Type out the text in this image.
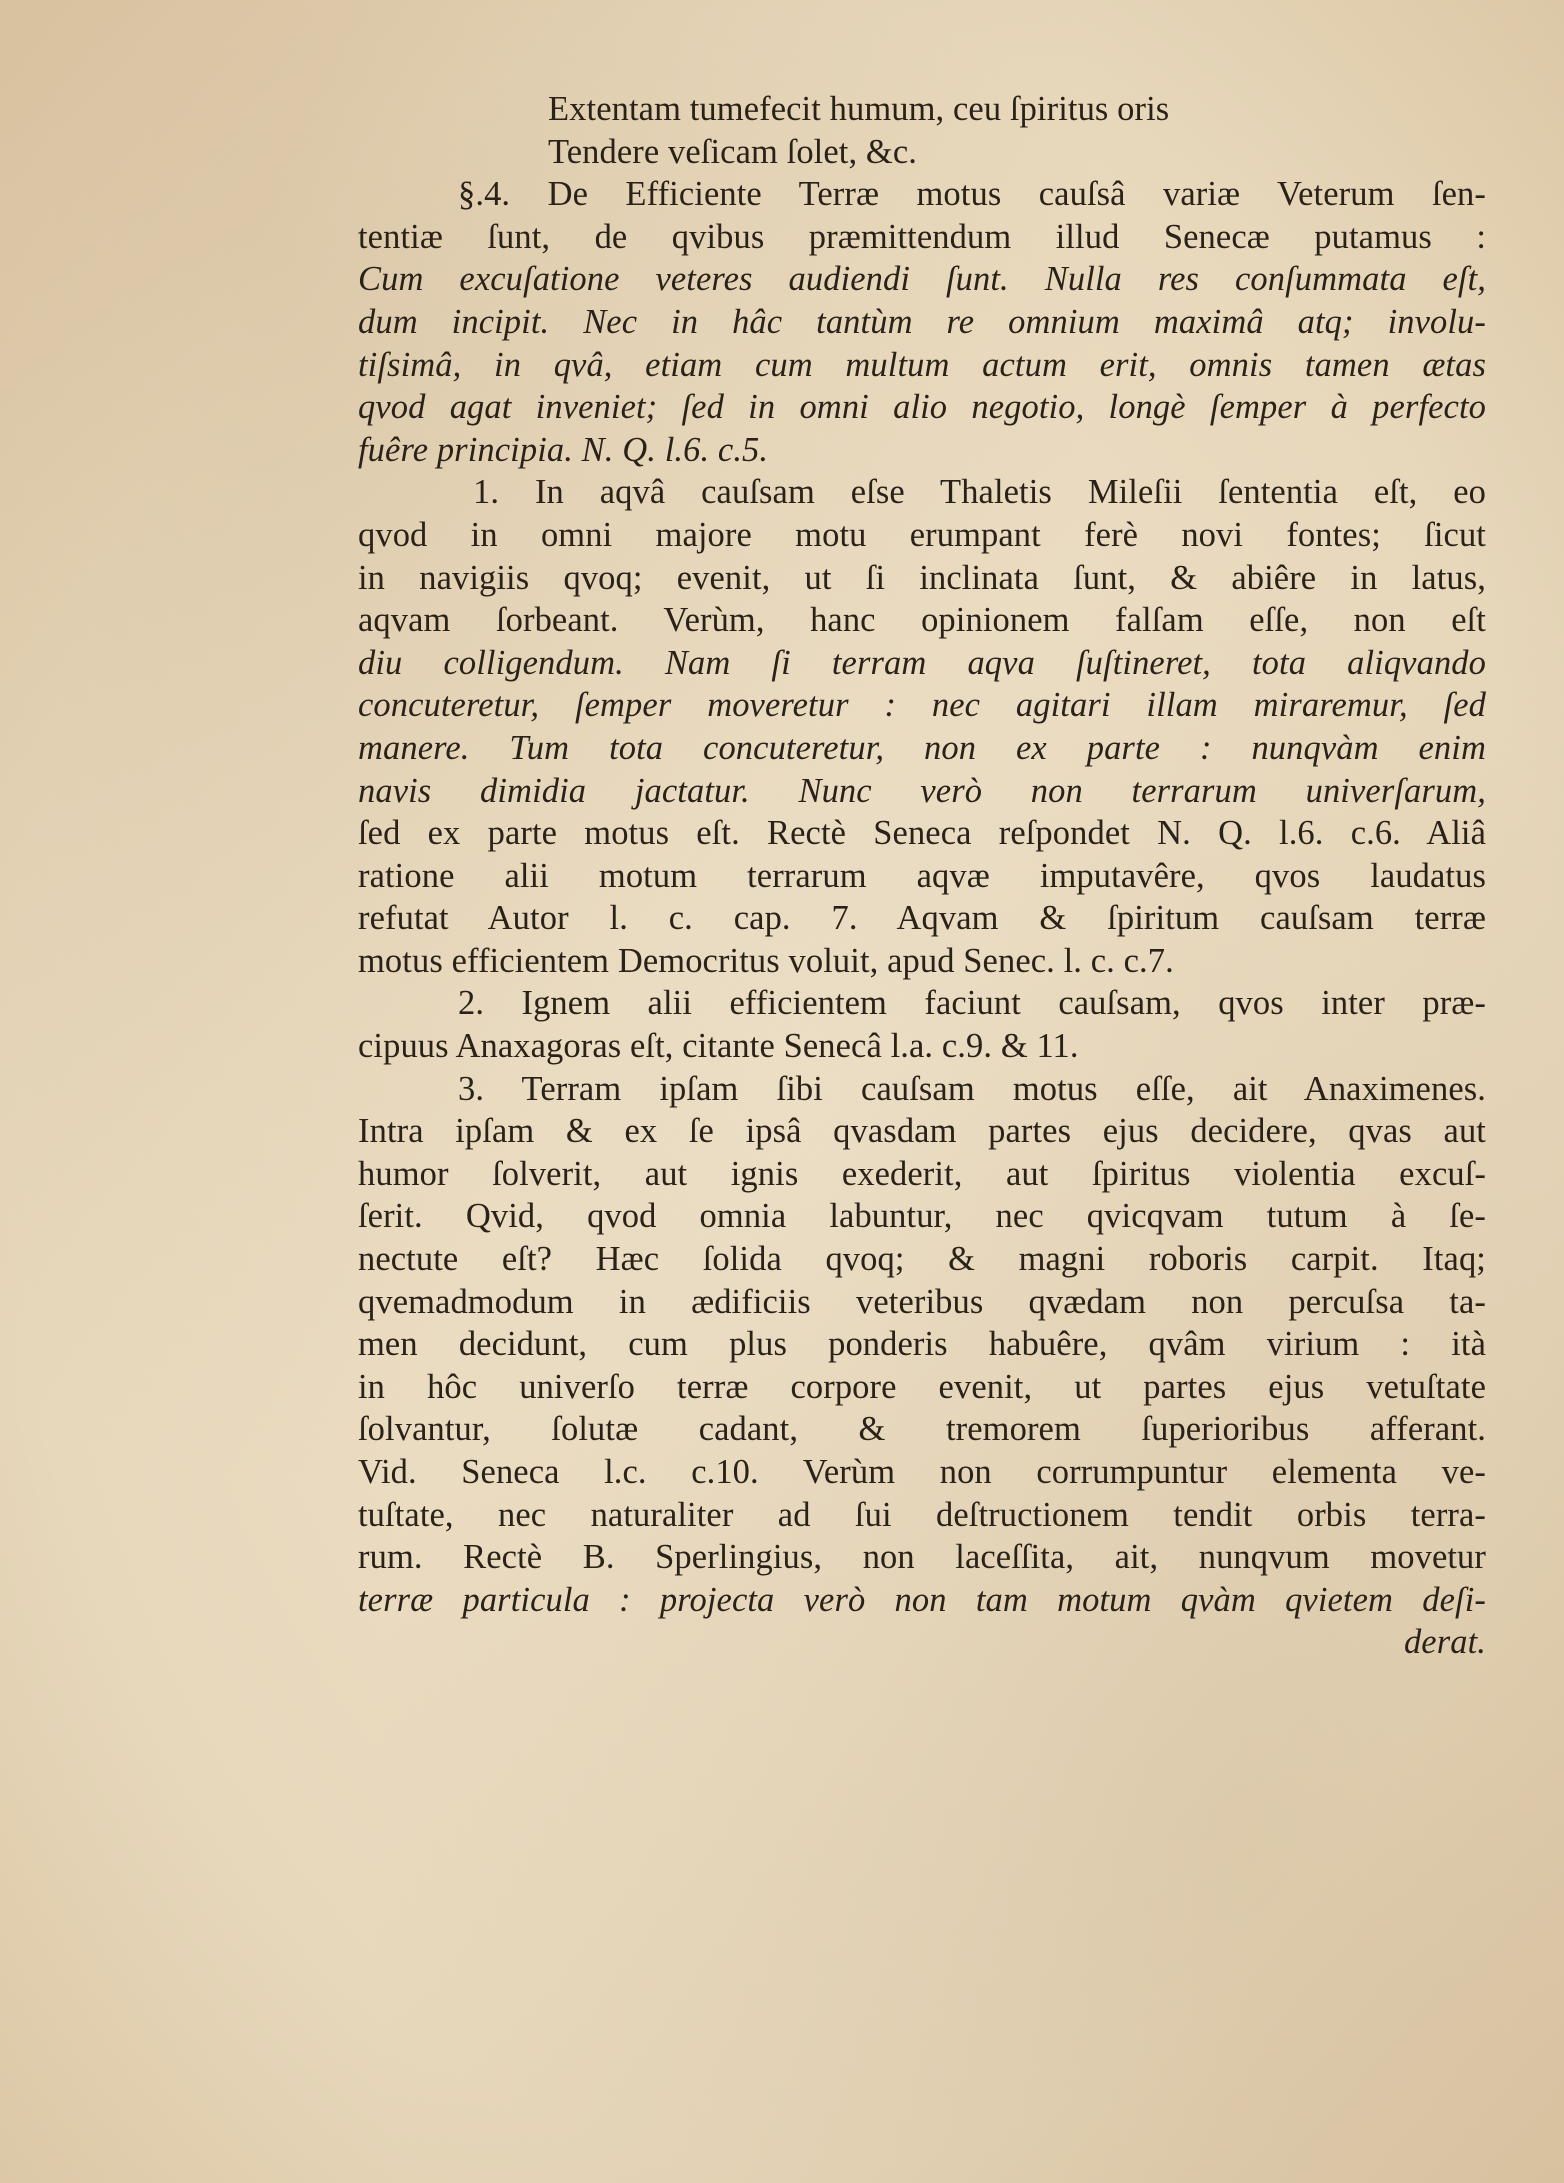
Extentam tumefecit humum, ceu ſpiritus oris
Tendere veſicam ſolet, &c.
§.4. De Efficiente Terræ motus cauſsâ variæ Veterum ſen-
tentiæ ſunt, de qvibus præmittendum illud Senecæ putamus :
Cum excuſatione veteres audiendi ſunt. Nulla res conſummata eſt,
dum incipit. Nec in hâc tantùm re omnium maximâ atq; involu-
tiſsimâ, in qvâ, etiam cum multum actum erit, omnis tamen ætas
qvod agat inveniet; ſed in omni alio negotio, longè ſemper à perfecto
fuêre principia. N. Q. l.6. c.5.
1. In aqvâ cauſsam eſse Thaletis Mileſii ſententia eſt, eo
qvod in omni majore motu erumpant ferè novi fontes; ſicut
in navigiis qvoq; evenit, ut ſi inclinata ſunt, & abiêre in latus,
aqvam ſorbeant. Verùm, hanc opinionem falſam eſſe, non eſt
diu colligendum. Nam ſi terram aqva ſuſtineret, tota aliqvando
concuteretur, ſemper moveretur : nec agitari illam miraremur, ſed
manere. Tum tota concuteretur, non ex parte : nunqvàm enim
navis dimidia jactatur. Nunc verò non terrarum univerſarum,
ſed ex parte motus eſt. Rectè Seneca reſpondet N. Q. l.6. c.6. Aliâ
ratione alii motum terrarum aqvæ imputavêre, qvos laudatus
refutat Autor l. c. cap. 7. Aqvam & ſpiritum cauſsam terræ
motus efficientem Democritus voluit, apud Senec. l. c. c.7.
2. Ignem alii efficientem faciunt cauſsam, qvos inter præ-
cipuus Anaxagoras eſt, citante Senecâ l.a. c.9. & 11.
3. Terram ipſam ſibi cauſsam motus eſſe, ait Anaximenes.
Intra ipſam & ex ſe ipsâ qvasdam partes ejus decidere, qvas aut
humor ſolverit, aut ignis exederit, aut ſpiritus violentia excuſ-
ſerit. Qvid, qvod omnia labuntur, nec qvicqvam tutum à ſe-
nectute eſt? Hæc ſolida qvoq; & magni roboris carpit. Itaq;
qvemadmodum in ædificiis veteribus qvædam non percuſsa ta-
men decidunt, cum plus ponderis habuêre, qvâm virium : ità
in hôc univerſo terræ corpore evenit, ut partes ejus vetuſtate
ſolvantur, ſolutæ cadant, & tremorem ſuperioribus afferant.
Vid. Seneca l.c. c.10. Verùm non corrumpuntur elementa ve-
tuſtate, nec naturaliter ad ſui deſtructionem tendit orbis terra-
rum. Rectè B. Sperlingius, non laceſſita, ait, nunqvum movetur
terræ particula : projecta verò non tam motum qvàm qvietem deſi-
derat.
